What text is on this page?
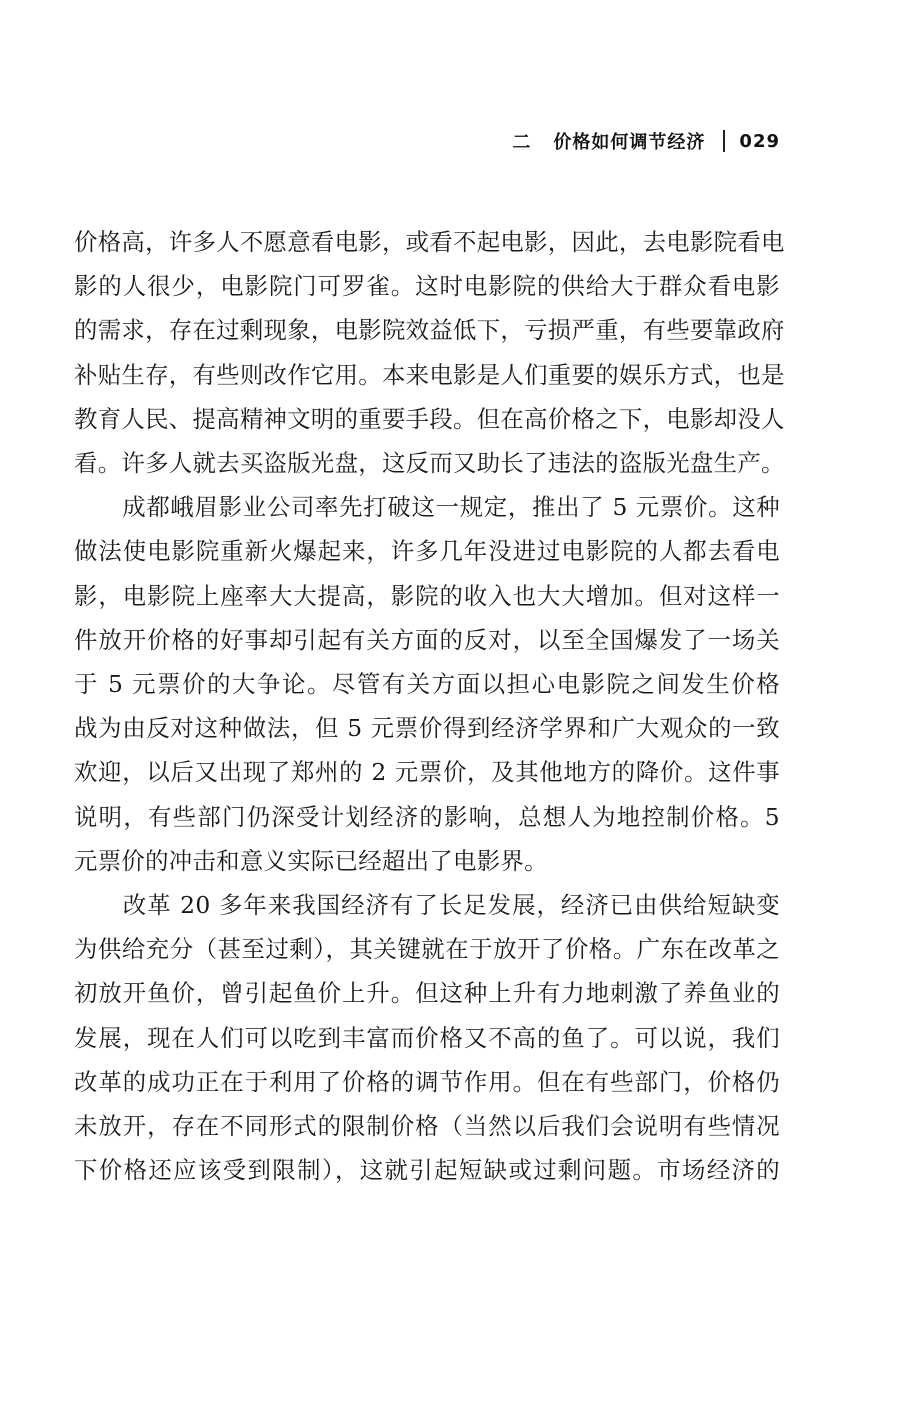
二 价格如何调节经济 029
价格高，许多人不愿意看电影，或看不起电影，因此，去电影院看电
影的人很少，电影院门可罗雀。这时电影院的供给大于群众看电影
的需求，存在过剩现象，电影院效益低下，亏损严重，有些要靠政府
补贴生存，有些则改作它用。本来电影是人们重要的娱乐方式，也是
教育人民、提高精神文明的重要手段。但在高价格之下，电影却没人
看。许多人就去买盗版光盘，这反而又助长了违法的盗版光盘生产。
　　成都峨眉影业公司率先打破这一规定，推出了 5 元票价。这种
做法使电影院重新火爆起来，许多几年没进过电影院的人都去看电
影，电影院上座率大大提高，影院的收入也大大增加。但对这样一
件放开价格的好事却引起有关方面的反对，以至全国爆发了一场关
于 5 元票价的大争论。尽管有关方面以担心电影院之间发生价格
战为由反对这种做法，但 5 元票价得到经济学界和广大观众的一致
欢迎，以后又出现了郑州的 2 元票价，及其他地方的降价。这件事
说明，有些部门仍深受计划经济的影响，总想人为地控制价格。5
元票价的冲击和意义实际已经超出了电影界。
　　改革 20 多年来我国经济有了长足发展，经济已由供给短缺变
为供给充分（甚至过剩），其关键就在于放开了价格。广东在改革之
初放开鱼价，曾引起鱼价上升。但这种上升有力地刺激了养鱼业的
发展，现在人们可以吃到丰富而价格又不高的鱼了。可以说，我们
改革的成功正在于利用了价格的调节作用。但在有些部门，价格仍
未放开，存在不同形式的限制价格（当然以后我们会说明有些情况
下价格还应该受到限制），这就引起短缺或过剩问题。市场经济的
